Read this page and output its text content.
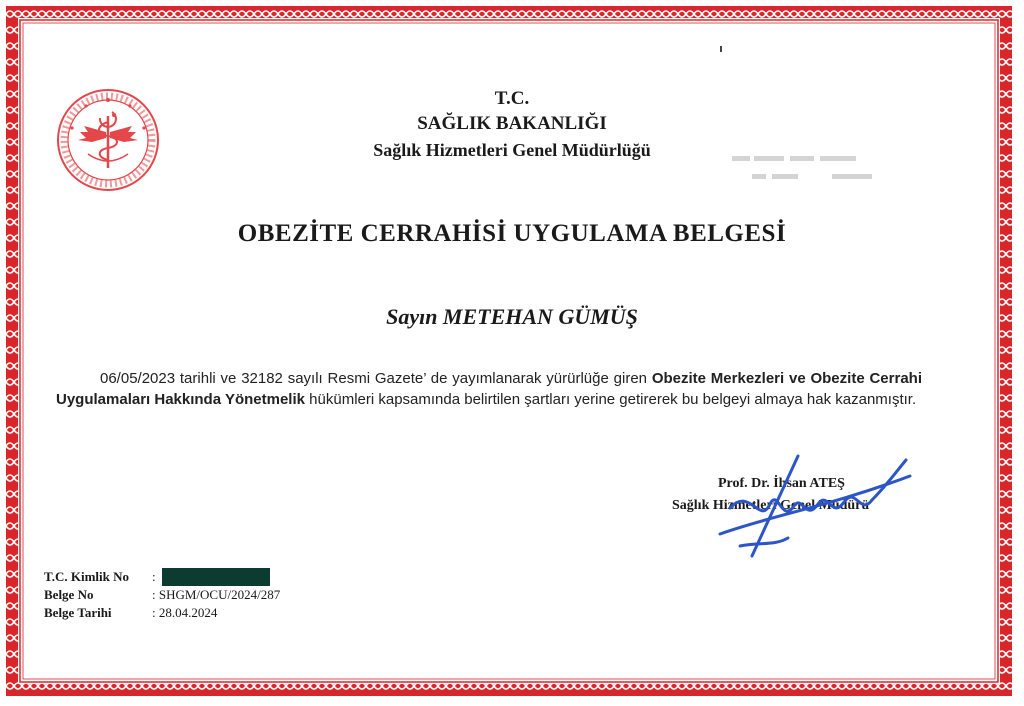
T.C.
SAĞLIK BAKANLIĞI
Sağlık Hizmetleri Genel Müdürlüğü
OBEZİTE CERRAHİSİ UYGULAMA BELGESİ
Sayın METEHAN GÜMÜŞ

06/05/2023 tarihli ve 32182 sayılı Resmi Gazete’ de yayımlanarak yürürlüğe giren Obezite Merkezleri ve Obezite Cerrahi Uygulamaları Hakkında Yönetmelik hükümleri kapsamında belirtilen şartları yerine getirerek bu belgeyi almaya hak kazanmıştır.

Prof. Dr. İhsan ATEŞ
Sağlık Hizmetleri Genel Müdürü
T.C. Kimlik No	:
Belge No	: SHGM/OCU/2024/287
Belge Tarihi	: 28.04.2024
